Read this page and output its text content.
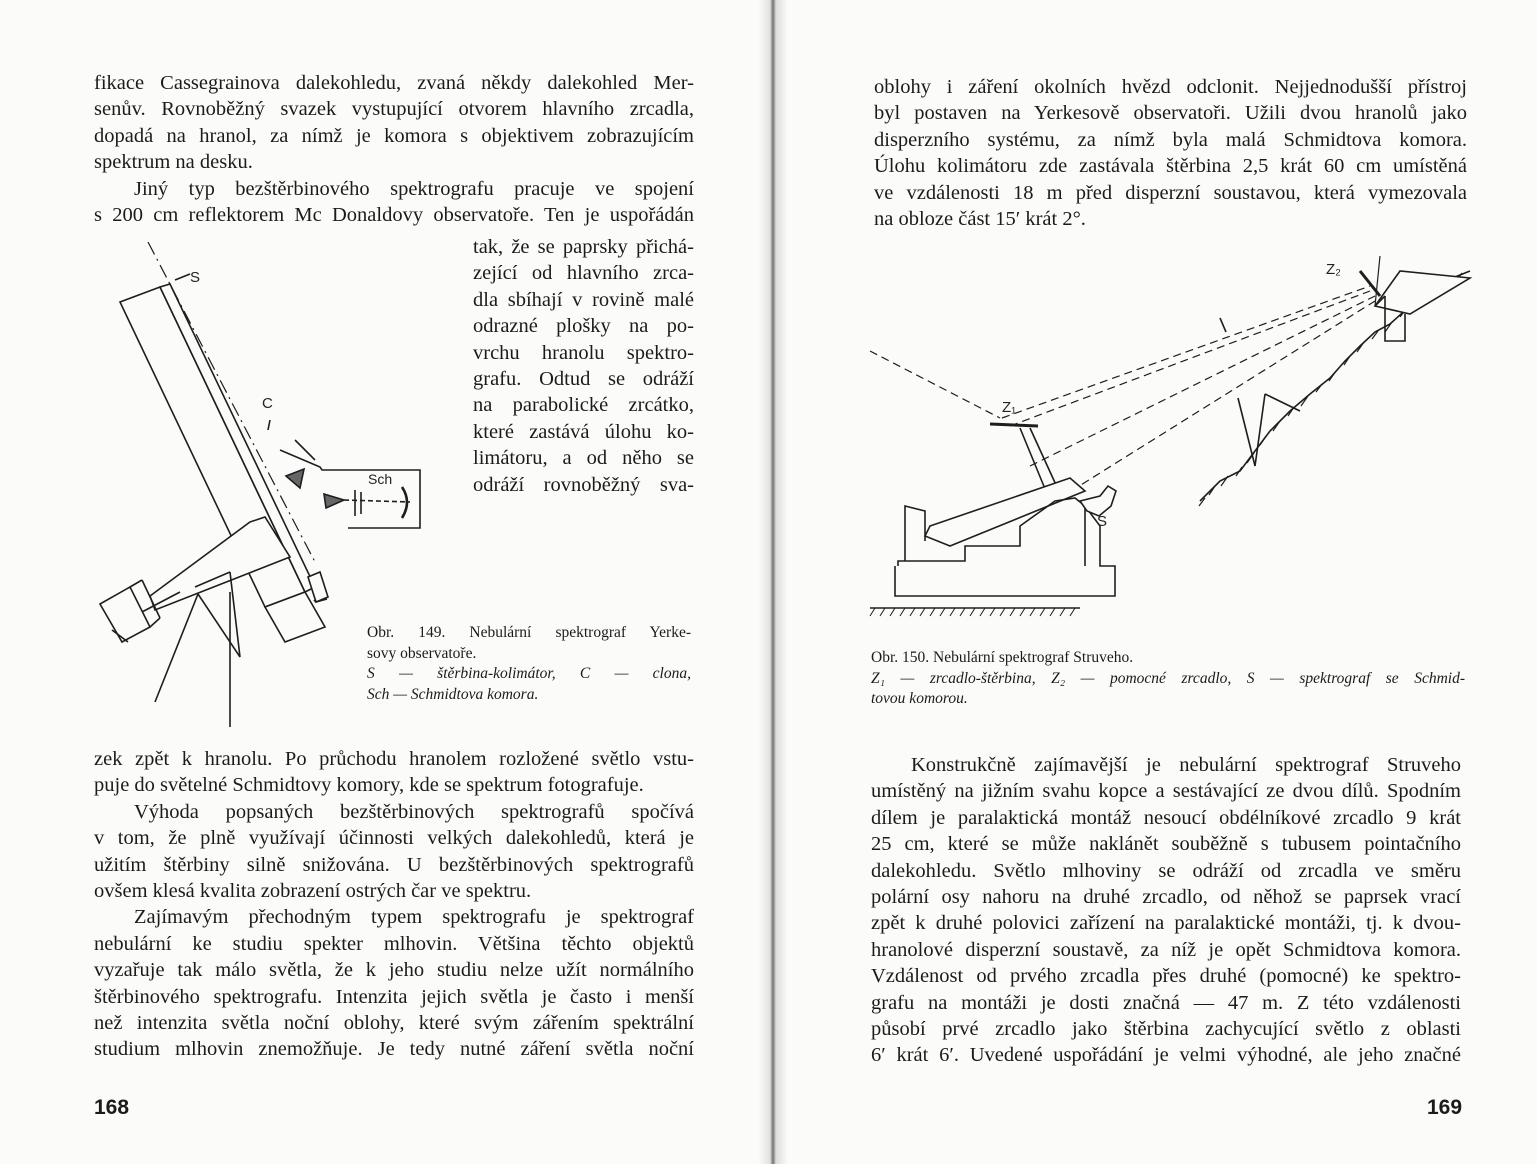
fikace Cassegrainova dalekohledu, zvaná někdy dalekohled Mer-
senův. Rovnoběžný svazek vystupující otvorem hlavního zrcadla,
dopadá na hranol, za nímž je komora s objektivem zobrazujícím
spektrum na desku.
Jiný typ bezštěrbinového spektrografu pracuje ve spojení
s 200 cm reflektorem Mc Donaldovy observatoře. Ten je uspořádán
tak, že se paprsky přichá-
zející od hlavního zrca-
dla sbíhají v rovině malé
odrazné plošky na po-
vrchu hranolu spektro-
grafu. Odtud se odráží
na parabolické zrcátko,
které zastává úlohu ko-
limátoru, a od něho se
odráží rovnoběžný sva-
S
C
Sch
Obr. 149. Nebulární spektrograf Yerke-
sovy observatoře.
S — štěrbina-kolimátor, C — clona,
Sch — Schmidtova komora.
zek zpět k hranolu. Po průchodu hranolem rozložené světlo vstu-
puje do světelné Schmidtovy komory, kde se spektrum fotografuje.
Výhoda popsaných bezštěrbinových spektrografů spočívá
v tom, že plně využívají účinnosti velkých dalekohledů, která je
užitím štěrbiny silně snižována. U bezštěrbinových spektrografů
ovšem klesá kvalita zobrazení ostrých čar ve spektru.
Zajímavým přechodným typem spektrografu je spektrograf
nebulární ke studiu spekter mlhovin. Většina těchto objektů
vyzařuje tak málo světla, že k jeho studiu nelze užít normálního
štěrbinového spektrografu. Intenzita jejich světla je často i menší
než intenzita světla noční oblohy, které svým zářením spektrální
studium mlhovin znemožňuje. Je tedy nutné záření světla noční
168
oblohy i záření okolních hvězd odclonit. Nejjednodušší přístroj
byl postaven na Yerkesově observatoři. Užili dvou hranolů jako
disperzního systému, za nímž byla malá Schmidtova komora.
Úlohu kolimátoru zde zastávala štěrbina 2,5 krát 60 cm umístěná
ve vzdálenosti 18 m před disperzní soustavou, která vymezovala
na obloze část 15′ krát 2°.
Z₂
Z₁
S
Obr. 150. Nebulární spektrograf Struveho.
Z₁ — zrcadlo-štěrbina, Z₂ — pomocné zrcadlo, S — spektrograf se Schmid-
tovou komorou.
Konstrukčně zajímavější je nebulární spektrograf Struveho
umístěný na jižním svahu kopce a sestávající ze dvou dílů. Spodním
dílem je paralaktická montáž nesoucí obdélníkové zrcadlo 9 krát
25 cm, které se může naklánět souběžně s tubusem pointačního
dalekohledu. Světlo mlhoviny se odráží od zrcadla ve směru
polární osy nahoru na druhé zrcadlo, od něhož se paprsek vrací
zpět k druhé polovici zařízení na paralaktické montáži, tj. k dvou-
hranolové disperzní soustavě, za níž je opět Schmidtova komora.
Vzdálenost od prvého zrcadla přes druhé (pomocné) ke spektro-
grafu na montáži je dosti značná — 47 m. Z této vzdálenosti
působí prvé zrcadlo jako štěrbina zachycující světlo z oblasti
6′ krát 6′. Uvedené uspořádání je velmi výhodné, ale jeho značné
169
